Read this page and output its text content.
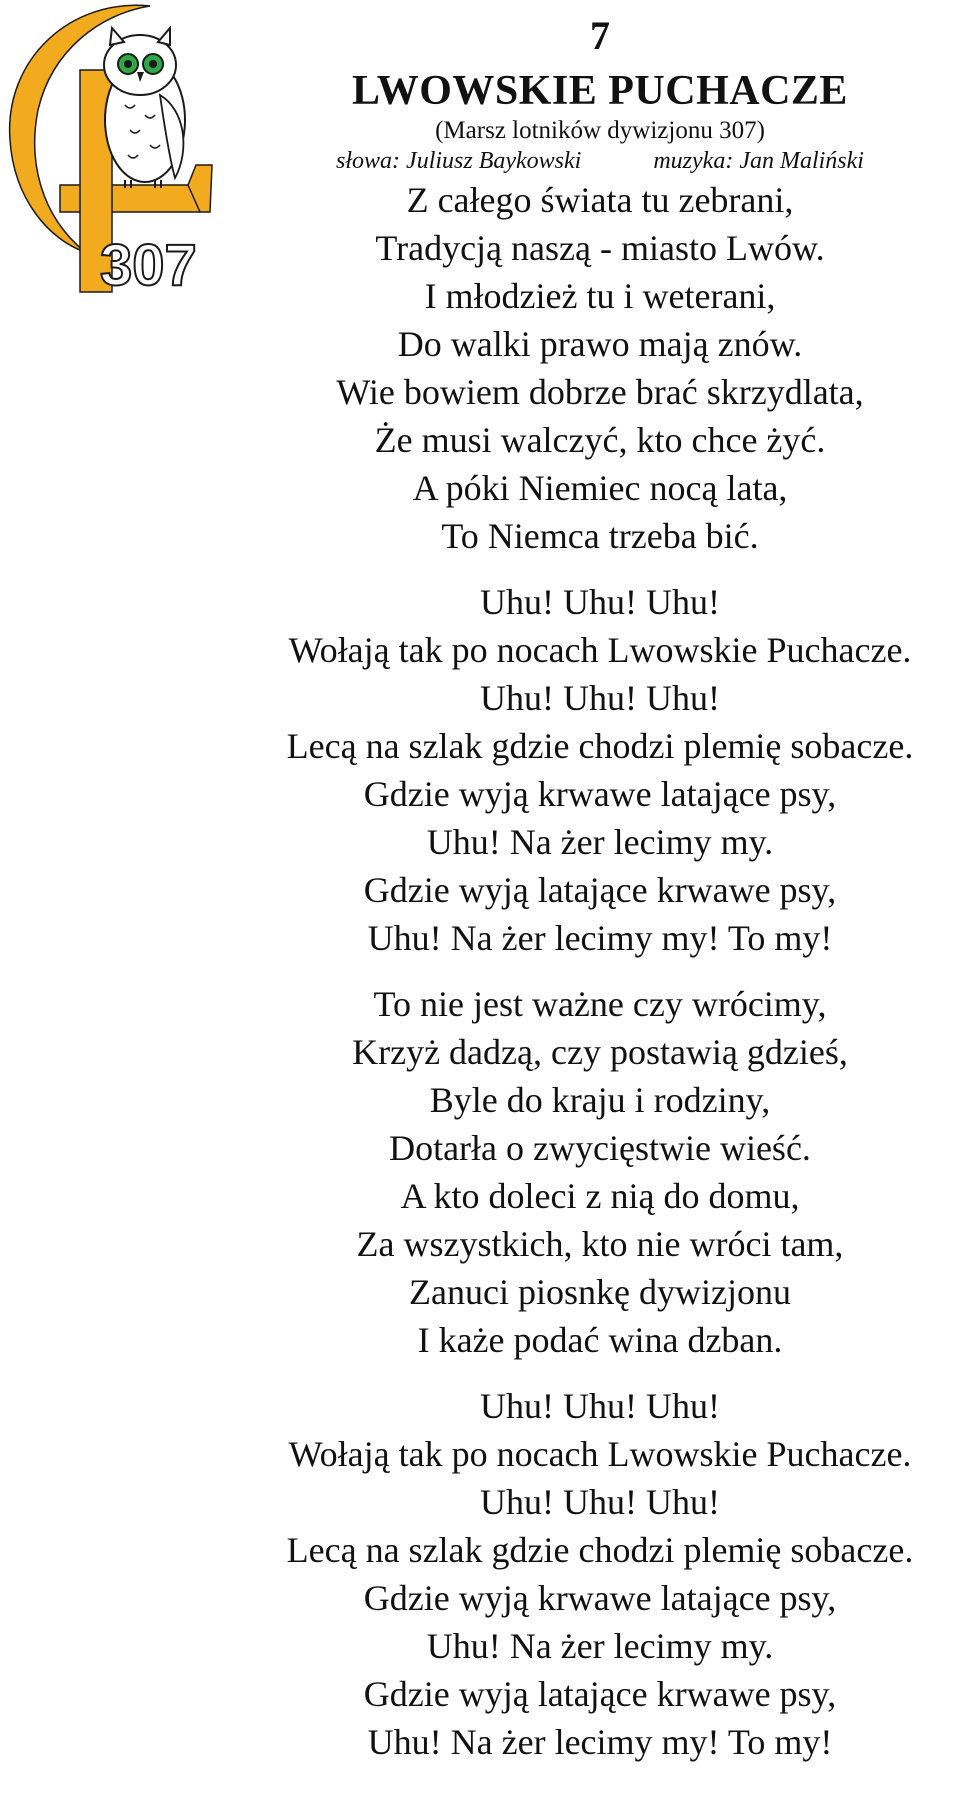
307
7
LWOWSKIE PUCHACZE
(Marsz lotników dywizjonu 307)
słowa: Juliusz Baykowski	muzyka: Jan Maliński
Z całego świata tu zebrani,
Tradycją naszą - miasto Lwów.
I młodzież tu i weterani,
Do walki prawo mają znów.
Wie bowiem dobrze brać skrzydlata,
Że musi walczyć, kto chce żyć.
A póki Niemiec nocą lata,
To Niemca trzeba bić.
Uhu! Uhu! Uhu!
Wołają tak po nocach Lwowskie Puchacze.
Uhu! Uhu! Uhu!
Lecą na szlak gdzie chodzi plemię sobacze.
Gdzie wyją krwawe latające psy,
Uhu! Na żer lecimy my.
Gdzie wyją latające krwawe psy,
Uhu! Na żer lecimy my! To my!
To nie jest ważne czy wrócimy,
Krzyż dadzą, czy postawią gdzieś,
Byle do kraju i rodziny,
Dotarła o zwycięstwie wieść.
A kto doleci z nią do domu,
Za wszystkich, kto nie wróci tam,
Zanuci piosnkę dywizjonu
I każe podać wina dzban.
Uhu! Uhu! Uhu!
Wołają tak po nocach Lwowskie Puchacze.
Uhu! Uhu! Uhu!
Lecą na szlak gdzie chodzi plemię sobacze.
Gdzie wyją krwawe latające psy,
Uhu! Na żer lecimy my.
Gdzie wyją latające krwawe psy,
Uhu! Na żer lecimy my! To my!
